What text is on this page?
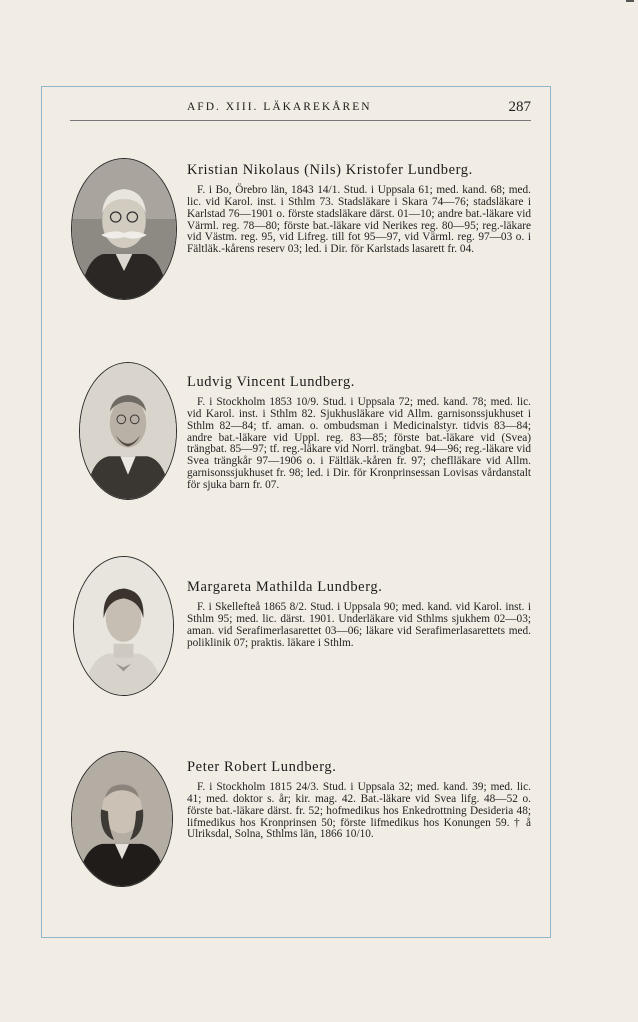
AFD. XIII. LÄKAREKÅREN	287
Kristian Nikolaus (Nils) Kristofer Lundberg.

F. i Bo, Örebro län, 1843 14/1. Stud. i Uppsala 61; med. kand. 68; med. lic. vid Karol. inst. i Sthlm 73. Stadsläkare i Skara 74—76; stadsläkare i Karlstad 76—1901 o. förste stadsläkare därst. 01—10; andre bat.-läkare vid Värml. reg. 78—80; förste bat.-läkare vid Nerikes reg. 80—95; reg.-läkare vid Västm. reg. 95, vid Lifreg. till fot 95—97, vid Värml. reg. 97—03 o. i Fältläk.-kårens reserv 03; led. i Dir. för Karlstads lasarett fr. 04.

Ludvig Vincent Lundberg.

F. i Stockholm 1853 10/9. Stud. i Uppsala 72; med. kand. 78; med. lic. vid Karol. inst. i Sthlm 82. Sjukhusläkare vid Allm. garnisonssjukhuset i Sthlm 82—84; tf. aman. o. ombudsman i Medicinalstyr. tidvis 83—84; andre bat.-läkare vid Uppl. reg. 83—85; förste bat.-läkare vid (Svea) trängbat. 85—97; tf. reg.-läkare vid Norrl. trängbat. 94—96; reg.-läkare vid Svea trängkår 97—1906 o. i Fältläk.-kåren fr. 97; cheflläkare vid Allm. garnisonssjukhuset fr. 98; led. i Dir. för Kronprinsessan Lovisas vårdanstalt för sjuka barn fr. 07.

Margareta Mathilda Lundberg.

F. i Skellefteå 1865 8/2. Stud. i Uppsala 90; med. kand. vid Karol. inst. i Sthlm 95; med. lic. därst. 1901. Underläkare vid Sthlms sjukhem 02—03; aman. vid Serafimerlasarettet 03—06; läkare vid Serafimerlasarettets med. poliklinik 07; praktis. läkare i Sthlm.

Peter Robert Lundberg.

F. i Stockholm 1815 24/3. Stud. i Uppsala 32; med. kand. 39; med. lic. 41; med. doktor s. år; kir. mag. 42. Bat.-läkare vid Svea lifg. 48—52 o. förste bat.-läkare därst. fr. 52; hofmedikus hos Enkedrottning Desideria 48; lifmedikus hos Kronprinsen 50; förste lifmedikus hos Konungen 59. † å Ulriksdal, Solna, Sthlms län, 1866 10/10.
